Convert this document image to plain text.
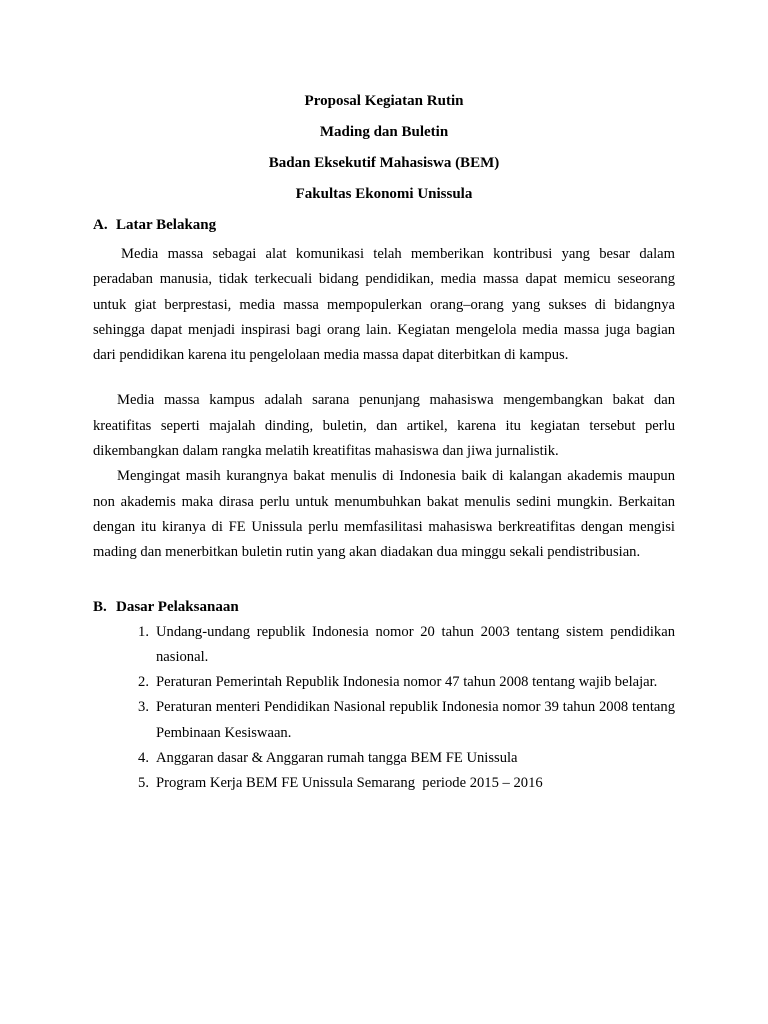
Proposal Kegiatan Rutin

Mading dan Buletin

Badan Eksekutif Mahasiswa (BEM)

Fakultas Ekonomi Unissula

A. Latar Belakang

Media massa sebagai alat komunikasi telah memberikan kontribusi yang besar dalam peradaban manusia, tidak terkecuali bidang pendidikan, media massa dapat memicu seseorang untuk giat berprestasi, media massa mempopulerkan orang–orang yang sukses di bidangnya sehingga dapat menjadi inspirasi bagi orang lain. Kegiatan mengelola media massa juga bagian dari pendidikan karena itu pengelolaan media massa dapat diterbitkan di kampus.

Media massa kampus adalah sarana penunjang mahasiswa mengembangkan bakat dan kreatifitas seperti majalah dinding, buletin, dan artikel, karena itu kegiatan tersebut perlu dikembangkan dalam rangka melatih kreatifitas mahasiswa dan jiwa jurnalistik.

Mengingat masih kurangnya bakat menulis di Indonesia baik di kalangan akademis maupun non akademis maka dirasa perlu untuk menumbuhkan bakat menulis sedini mungkin. Berkaitan dengan itu kiranya di FE Unissula perlu memfasilitasi mahasiswa berkreatifitas dengan mengisi mading dan menerbitkan buletin rutin yang akan diadakan dua minggu sekali pendistribusian.

B. Dasar Pelaksanaan
1. Undang-undang republik Indonesia nomor 20 tahun 2003 tentang sistem pendidikan nasional.
2. Peraturan Pemerintah Republik Indonesia nomor 47 tahun 2008 tentang wajib belajar.
3. Peraturan menteri Pendidikan Nasional republik Indonesia nomor 39 tahun 2008 tentang Pembinaan Kesiswaan.
4. Anggaran dasar & Anggaran rumah tangga BEM FE Unissula
5. Program Kerja BEM FE Unissula Semarang  periode 2015 – 2016
